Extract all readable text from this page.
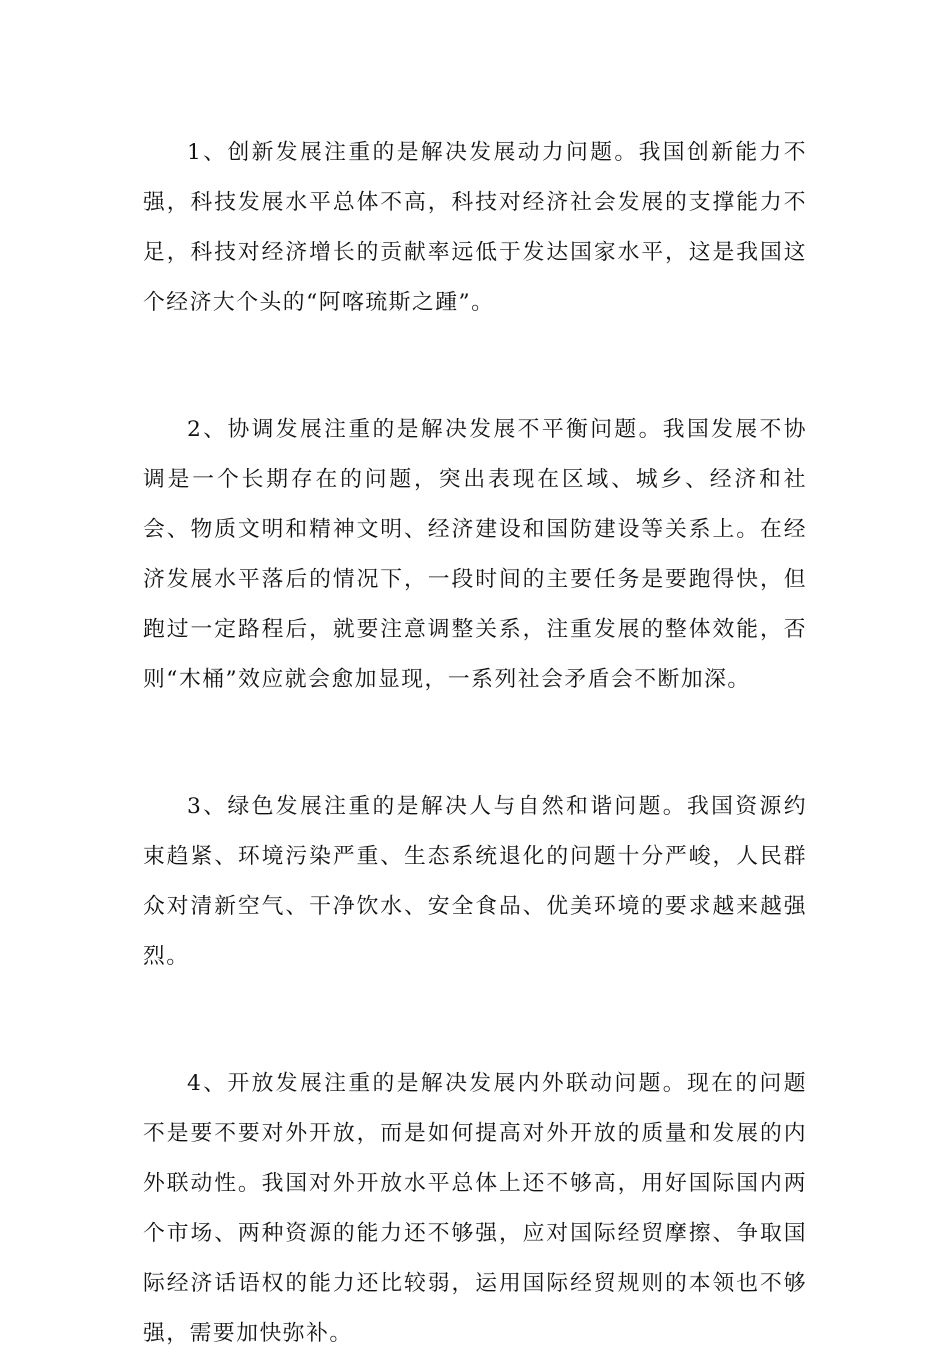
1、创新发展注重的是解决发展动力问题。我国创新能力不强，科技发展水平总体不高，科技对经济社会发展的支撑能力不足，科技对经济增长的贡献率远低于发达国家水平，这是我国这个经济大个头的“阿喀琉斯之踵”。

2、协调发展注重的是解决发展不平衡问题。我国发展不协调是一个长期存在的问题，突出表现在区域、城乡、经济和社会、物质文明和精神文明、经济建设和国防建设等关系上。在经济发展水平落后的情况下，一段时间的主要任务是要跑得快，但跑过一定路程后，就要注意调整关系，注重发展的整体效能，否则“木桶”效应就会愈加显现，一系列社会矛盾会不断加深。

3、绿色发展注重的是解决人与自然和谐问题。我国资源约束趋紧、环境污染严重、生态系统退化的问题十分严峻，人民群众对清新空气、干净饮水、安全食品、优美环境的要求越来越强烈。

4、开放发展注重的是解决发展内外联动问题。现在的问题不是要不要对外开放，而是如何提高对外开放的质量和发展的内外联动性。我国对外开放水平总体上还不够高，用好国际国内两个市场、两种资源的能力还不够强，应对国际经贸摩擦、争取国际经济话语权的能力还比较弱，运用国际经贸规则的本领也不够强，需要加快弥补。
